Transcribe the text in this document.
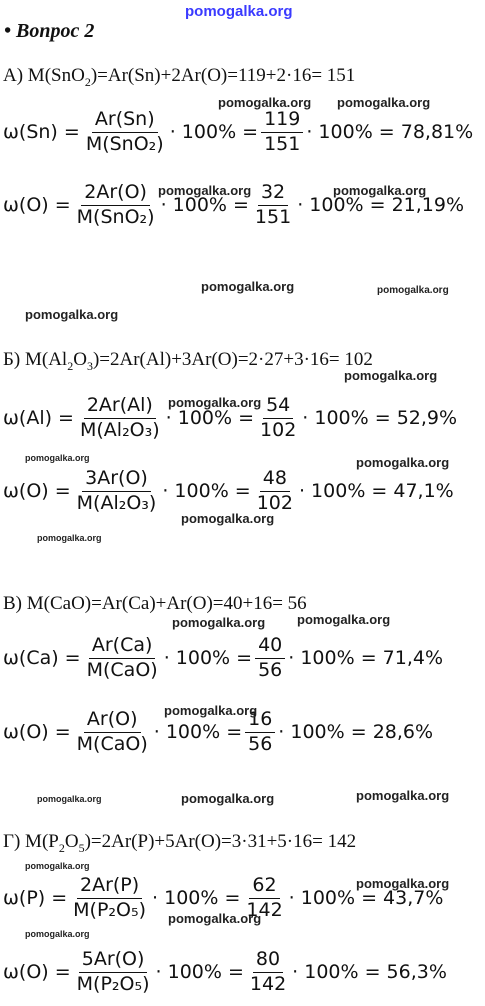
pomogalka.org
• Вопрос 2
А) M(SnO$_2$)=Ar(Sn)+2Ar(O)=119+2·16= 151
$\omega(Sn) = \frac{Ar(Sn)}{\text{M(SnO₂)}} \cdot 100\% = \frac{119}{151} \cdot 100\% = 78,81\%$
$\omega(O) = \frac{2Ar(O)}{\text{M(SnO₂)}} \cdot 100\% = \frac{32}{151} \cdot 100\% = 21,19\%$
Б) $M(Al_2O_3)=2Ar(Al)+3Ar(O)=2\cdot 27+3\cdot 16= 102$
$\omega(Al) = \frac{2Ar(Al)}{\text{M(Al₂O₃)}} \cdot 100\% = \frac{54}{102} \cdot 100\% = 52,9\%$
$\omega(O) = \frac{3Ar(O)}{\text{M(Al₂O₃)}} \cdot 100\% = \frac{48}{102} \cdot 100\% = 47,1\%$
В) M(CaO)=Ar(Ca)+Ar(O)=40+16= 56
$\omega(Ca) = \frac{Ar(Ca)}{\text{M(CaO)}} \cdot 100\% = \frac{40}{56} \cdot 100\% = 71,4\%$
$\omega(O) = \frac{Ar(O)}{\text{M(CaO)}} \cdot 100\% = \frac{16}{56} \cdot 100\% = 28,6\%$
Г) $M(P_2O_5)=2Ar(P)+5Ar(O)=3\cdot 31+5\cdot 16= 142$
$\omega(P) = \frac{2Ar(P)}{\text{M(P₂O₅)}} \cdot 100\% = \frac{62}{142} \cdot 100\% = 43,7\%$
$\omega(O) = \frac{5Ar(O)}{\text{M(P₂O₅)}} \cdot 100\% = \frac{80}{142} \cdot 100\% = 56,3\%$
pomogalka.org pomogalka.org
pomogalka.org	pomogalka.org
pomogalka.org	pomogalka.org
pomogalka.org
pomogalka.org
pomogalka.org
pomogalka.org	pomogalka.org
pomogalka.org
pomogalka.org
pomogalka.org pomogalka.org
pomogalka.org
pomogalka.org	pomogalka.org	pomogalka.org
pomogalka.org
pomogalka.org
pomogalka.org
pomogalka.org
